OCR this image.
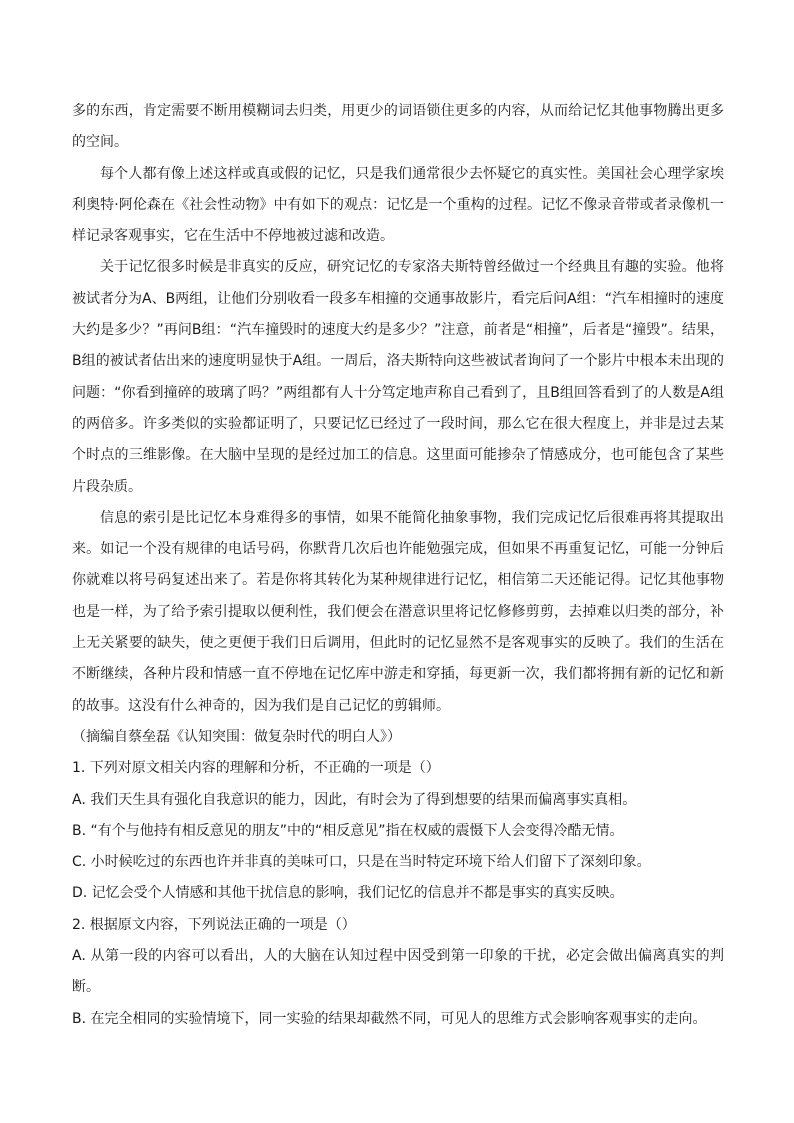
多的东西，肯定需要不断用模糊词去归类，用更少的词语锁住更多的内容，从而给记忆其他事物腾出更多的空间。

每个人都有像上述这样或真或假的记忆，只是我们通常很少去怀疑它的真实性。美国社会心理学家埃利奥特·阿伦森在《社会性动物》中有如下的观点：记忆是一个重构的过程。记忆不像录音带或者录像机一样记录客观事实，它在生活中不停地被过滤和改造。

关于记忆很多时候是非真实的反应，研究记忆的专家洛夫斯特曾经做过一个经典且有趣的实验。他将被试者分为A、B两组，让他们分别收看一段多车相撞的交通事故影片，看完后问A组：“汽车相撞时的速度大约是多少？”再问B组：“汽车撞毁时的速度大约是多少？”注意，前者是“相撞”，后者是“撞毁”。结果，B组的被试者估出来的速度明显快于A组。一周后，洛夫斯特向这些被试者询问了一个影片中根本未出现的问题：“你看到撞碎的玻璃了吗？”两组都有人十分笃定地声称自己看到了，且B组回答看到了的人数是A组的两倍多。许多类似的实验都证明了，只要记忆已经过了一段时间，那么它在很大程度上，并非是过去某个时点的三维影像。在大脑中呈现的是经过加工的信息。这里面可能掺杂了情感成分，也可能包含了某些片段杂质。

信息的索引是比记忆本身难得多的事情，如果不能简化抽象事物，我们完成记忆后很难再将其提取出来。如记一个没有规律的电话号码，你默背几次后也许能勉强完成，但如果不再重复记忆，可能一分钟后你就难以将号码复述出来了。若是你将其转化为某种规律进行记忆，相信第二天还能记得。记忆其他事物也是一样，为了给予索引提取以便利性，我们便会在潜意识里将记忆修修剪剪，去掉难以归类的部分，补上无关紧要的缺失，使之更便于我们日后调用，但此时的记忆显然不是客观事实的反映了。我们的生活在不断继续，各种片段和情感一直不停地在记忆库中游走和穿插，每更新一次，我们都将拥有新的记忆和新的故事。这没有什么神奇的，因为我们是自己记忆的剪辑师。

（摘编自蔡垒磊《认知突围：做复杂时代的明白人》）

1. 下列对原文相关内容的理解和分析，不正确的一项是（）

A. 我们天生具有强化自我意识的能力，因此，有时会为了得到想要的结果而偏离事实真相。

B. “有个与他持有相反意见的朋友”中的“相反意见”指在权威的震慑下人会变得冷酷无情。

C. 小时候吃过的东西也许并非真的美味可口，只是在当时特定环境下给人们留下了深刻印象。

D. 记忆会受个人情感和其他干扰信息的影响，我们记忆的信息并不都是事实的真实反映。

2. 根据原文内容，下列说法正确的一项是（）

A. 从第一段的内容可以看出，人的大脑在认知过程中因受到第一印象的干扰，必定会做出偏离真实的判断。

B. 在完全相同的实验情境下，同一实验的结果却截然不同，可见人的思维方式会影响客观事实的走向。
